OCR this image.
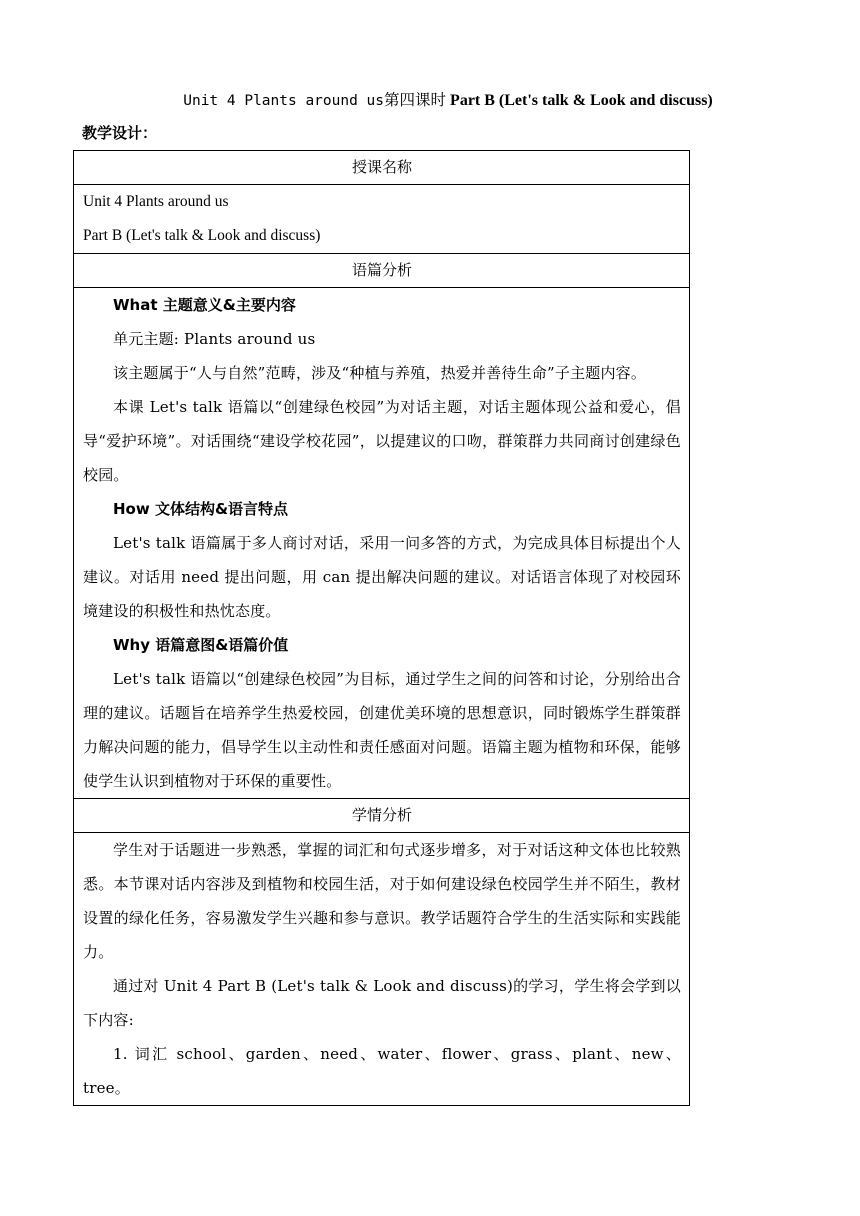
Unit 4 Plants around us第四课时 Part B (Let's talk & Look and discuss)
教学设计：
授课名称

Unit 4 Plants around us

Part B (Let's talk & Look and discuss)

语篇分析

What 主题意义&主要内容

单元主题: Plants around us

该主题属于“人与自然”范畴，涉及“种植与养殖，热爱并善待生命”子主题内容。

本课 Let's talk 语篇以“创建绿色校园”为对话主题，对话主题体现公益和爱心，倡导“爱护环境”。对话围绕“建设学校花园”，以提建议的口吻，群策群力共同商讨创建绿色校园。

How 文体结构&语言特点

Let's talk 语篇属于多人商讨对话，采用一问多答的方式，为完成具体目标提出个人建议。对话用 need 提出问题，用 can 提出解决问题的建议。对话语言体现了对校园环境建设的积极性和热忱态度。

Why 语篇意图&语篇价值

Let's talk 语篇以“创建绿色校园”为目标，通过学生之间的问答和讨论，分别给出合理的建议。话题旨在培养学生热爱校园，创建优美环境的思想意识，同时锻炼学生群策群力解决问题的能力，倡导学生以主动性和责任感面对问题。语篇主题为植物和环保，能够使学生认识到植物对于环保的重要性。

学情分析

学生对于话题进一步熟悉，掌握的词汇和句式逐步增多，对于对话这种文体也比较熟悉。本节课对话内容涉及到植物和校园生活，对于如何建设绿色校园学生并不陌生，教材设置的绿化任务，容易激发学生兴趣和参与意识。教学话题符合学生的生活实际和实践能力。

通过对 Unit 4 Part B (Let's talk & Look and discuss)的学习，学生将会学到以下内容:

1. 词汇 school、garden、need、water、flower、grass、plant、new、tree。
